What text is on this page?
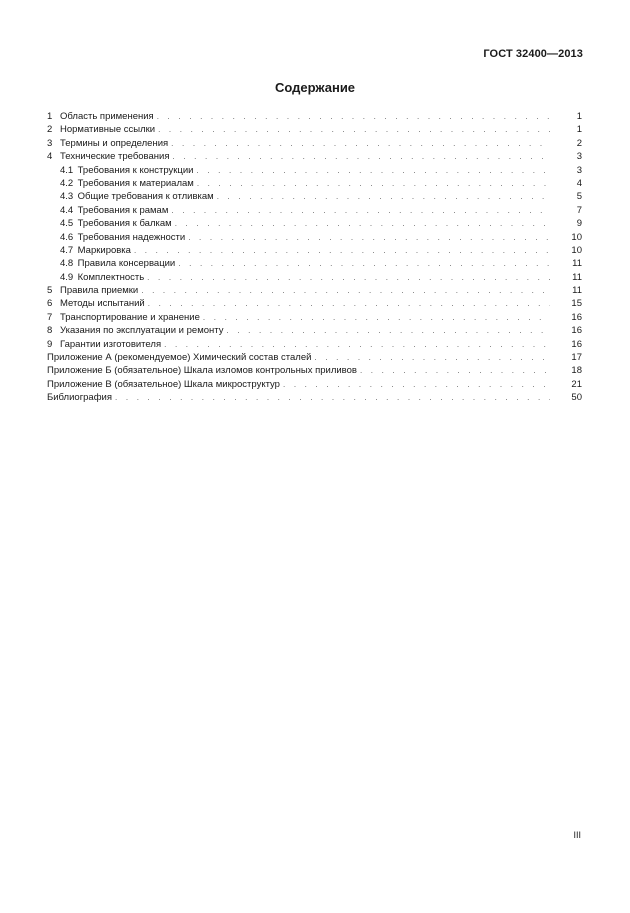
ГОСТ 32400—2013
Содержание
1 Область применения . . .	1
2 Нормативные ссылки . . .	1
3 Термины и определения . . .	2
4 Технические требования . . .	3
4.1 Требования к конструкции . . .	3
4.2 Требования к материалам . . .	4
4.3 Общие требования к отливкам . . .	5
4.4 Требования к рамам . . .	7
4.5 Требования к балкам . . .	9
4.6 Требования надежности . . .	10
4.7 Маркировка . . .	10
4.8 Правила консервации . . .	11
4.9 Комплектность . . .	11
5 Правила приемки . . .	11
6 Методы испытаний . . .	15
7 Транспортирование и хранение . . .	16
8 Указания по эксплуатации и ремонту . . .	16
9 Гарантии изготовителя . . .	16
Приложение А (рекомендуемое) Химический состав сталей . . .	17
Приложение Б (обязательное) Шкала изломов контрольных приливов . . .	18
Приложение В (обязательное) Шкала микроструктур . . .	21
Библиография . . .	50
III
